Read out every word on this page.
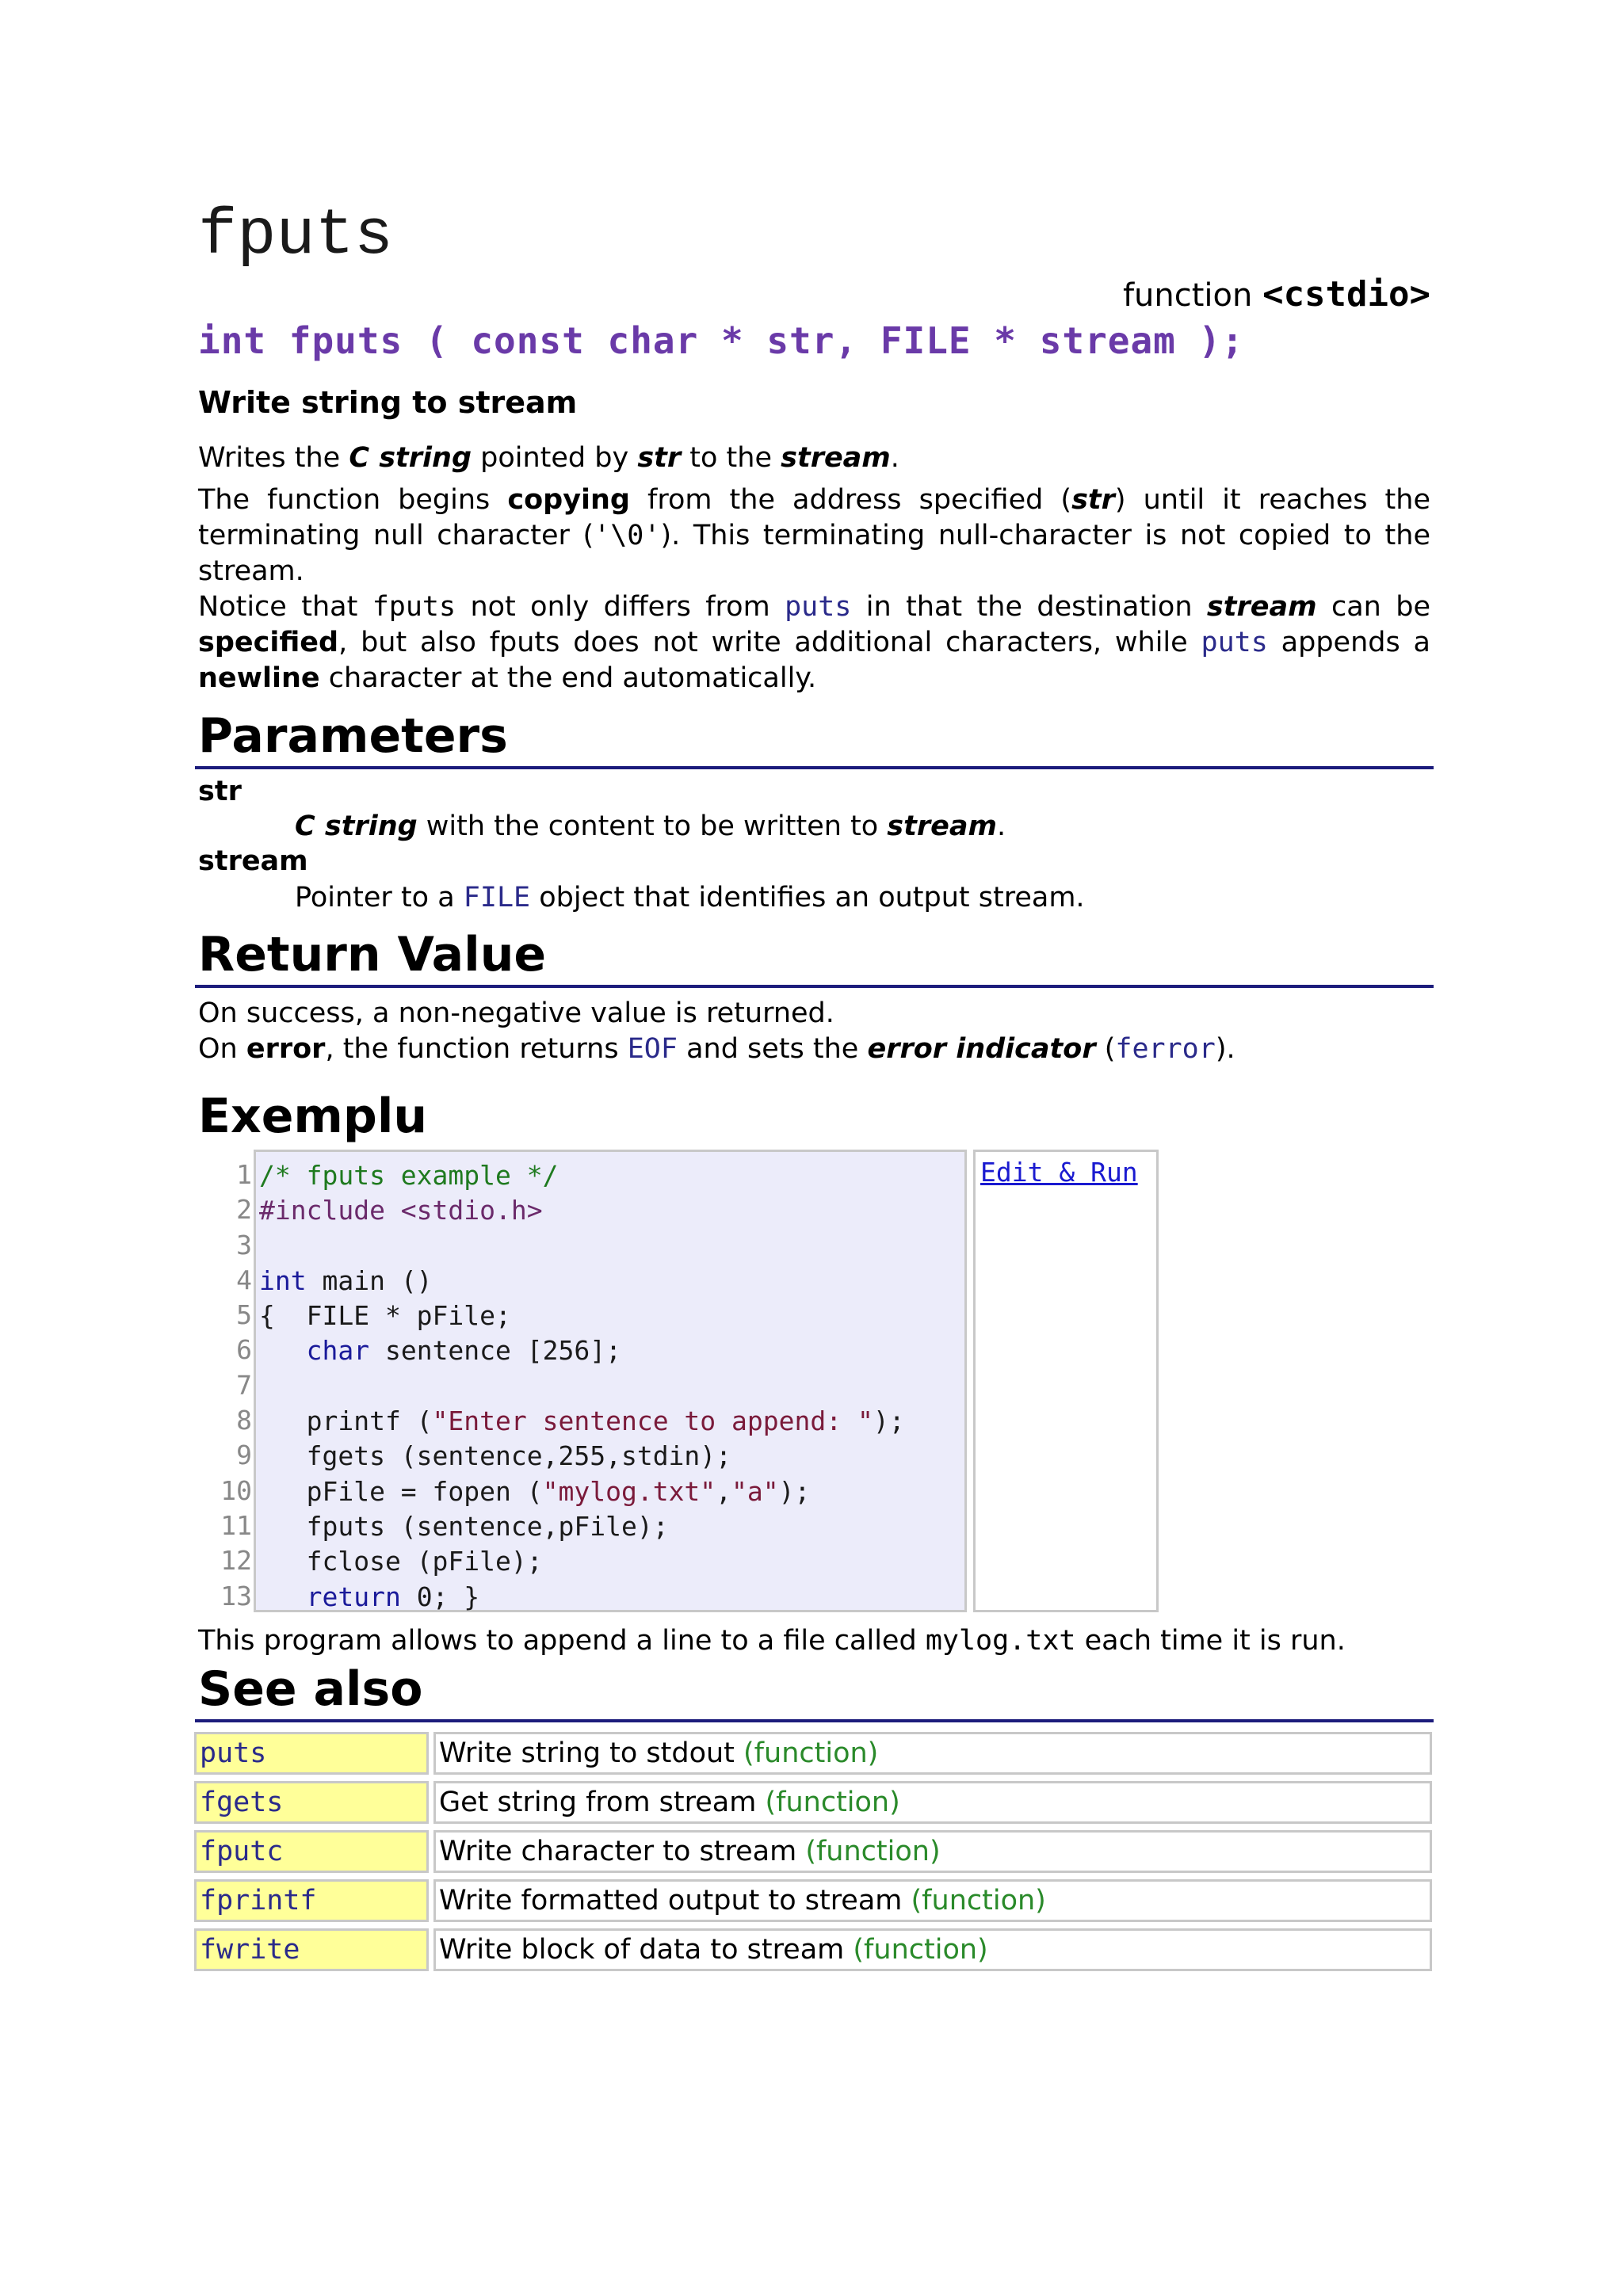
fputs
function <cstdio>
int fputs ( const char * str, FILE * stream );
Write string to stream

Writes the C string pointed by str to the stream.

The function begins copying from the address specified (str) until it reaches the terminating null character ('\0'). This terminating null-character is not copied to the stream.

Notice that fputs not only differs from puts in that the destination stream can be specified, but also fputs does not write additional characters, while puts appends a newline character at the end automatically.

Parameters
str
C string with the content to be written to stream.
stream
Pointer to a FILE object that identifies an output stream.
Return Value

On success, a non-negative value is returned.

On error, the function returns EOF and sets the error indicator (ferror).

Exemplu
1
2
3
4
5
6
7
8
9
10
11
12
13
/* fputs example */
#include <stdio.h>
int main ()
{  FILE * pFile;
char sentence [256];
printf ("Enter sentence to append: ");
fgets (sentence,255,stdin);
pFile = fopen ("mylog.txt","a");
fputs (sentence,pFile);
fclose (pFile);
return 0; }
Edit & Run

This program allows to append a line to a file called mylog.txt each time it is run.

See also
puts		Write string to stdout (function)
fgets		Get string from stream (function)
fputc		Write character to stream (function)
fprintf		Write formatted output to stream (function)
fwrite		Write block of data to stream (function)
